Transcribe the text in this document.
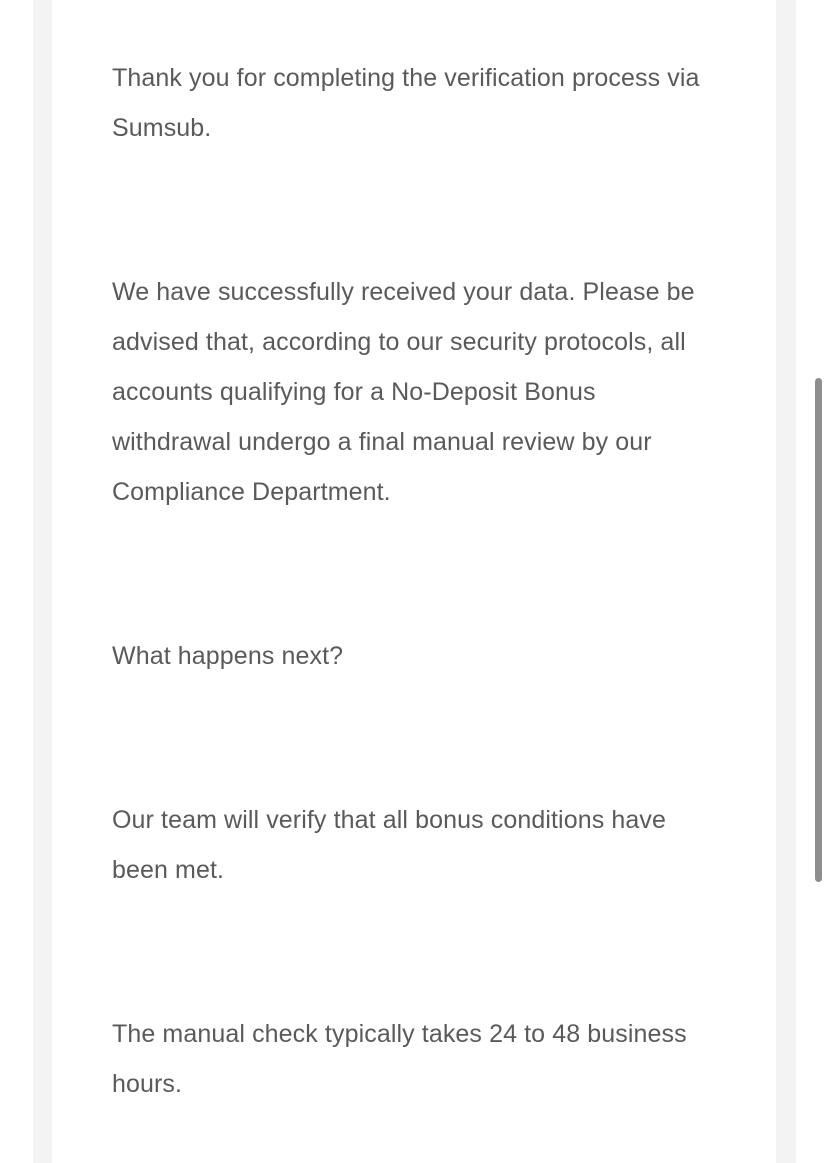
Thank you for completing the verification process via Sumsub.

We have successfully received your data. Please be advised that, according to our security protocols, all accounts qualifying for a No-Deposit Bonus withdrawal undergo a final manual review by our Compliance Department.

What happens next?

Our team will verify that all bonus conditions have been met.

The manual check typically takes 24 to 48 business hours.
